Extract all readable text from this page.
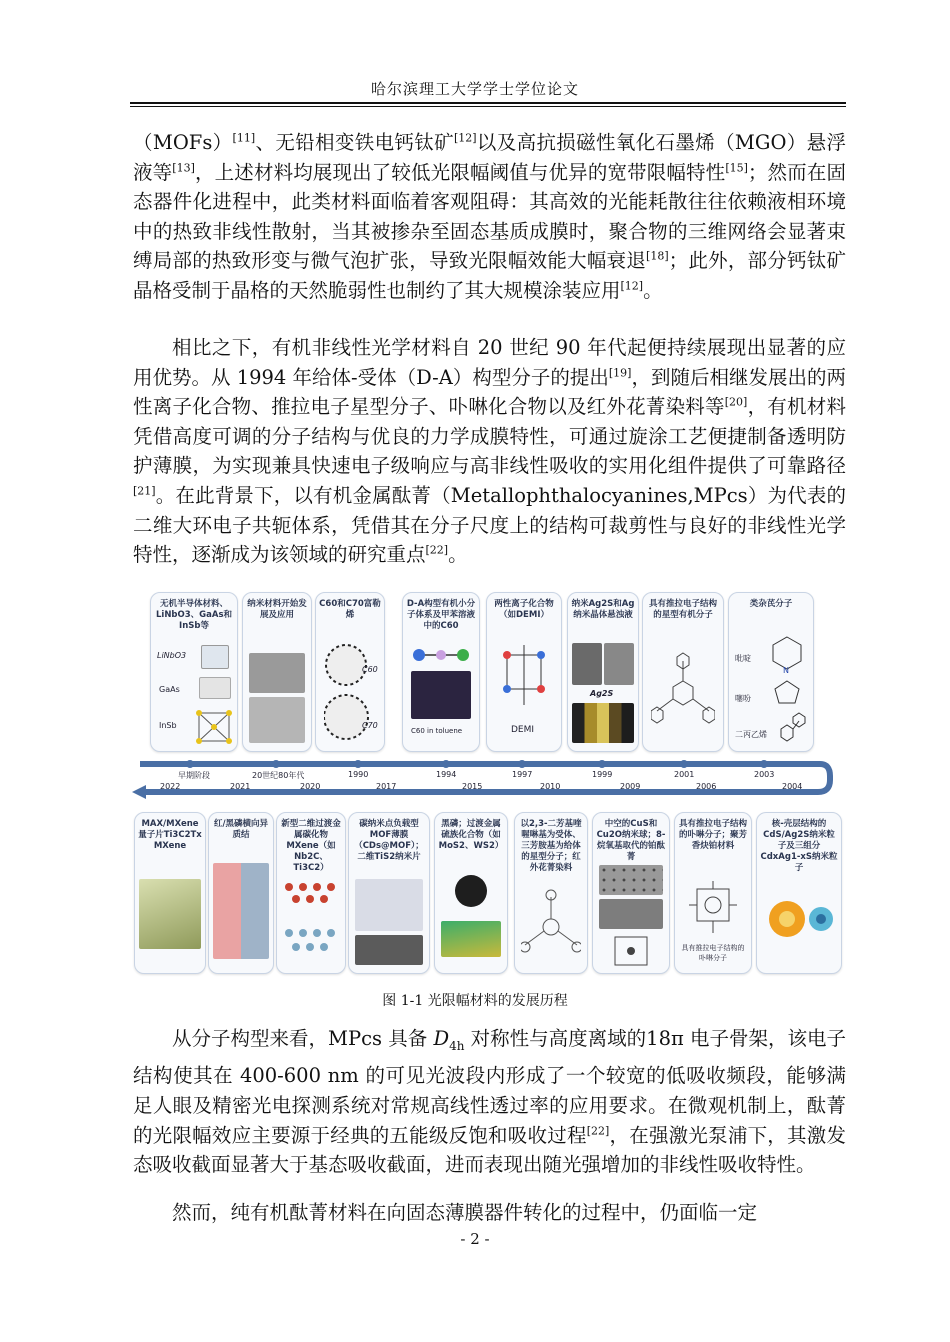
哈尔滨理工大学学士学位论文

（MOFs）[11]、无铅相变铁电钙钛矿[12]以及高抗损磁性氧化石墨烯（MGO）悬浮液等[13]，上述材料均展现出了较低光限幅阈值与优异的宽带限幅特性[15]；然而在固态器件化进程中，此类材料面临着客观阻碍：其高效的光能耗散往往依赖液相环境中的热致非线性散射，当其被掺杂至固态基质成膜时，聚合物的三维网络会显著束缚局部的热致形变与微气泡扩张，导致光限幅效能大幅衰退[18]；此外，部分钙钛矿晶格受制于晶格的天然脆弱性也制约了其大规模涂装应用[12]。

相比之下，有机非线性光学材料自 20 世纪 90 年代起便持续展现出显著的应用优势。从 1994 年给体-受体（D-A）构型分子的提出[19]，到随后相继发展出的两性离子化合物、推拉电子星型分子、卟啉化合物以及红外花菁染料等[20]，有机材料凭借高度可调的分子结构与优良的力学成膜特性，可通过旋涂工艺便捷制备透明防护薄膜，为实现兼具快速电子级响应与高非线性吸收的实用化组件提供了可靠路径[21]。在此背景下，以有机金属酞菁（Metallophthalocyanines,MPcs）为代表的二维大环电子共轭体系，凭借其在分子尺度上的结构可裁剪性与良好的非线性光学特性，逐渐成为该领域的研究重点[22]。

无机半导体材料、LiNbO3、GaAs和InSb等
LiNbO3
GaAs
InSb
纳米材料开始发展及应用
C60和C70富勒烯
C60
C70
D-A构型有机小分子体系及甲苯溶液中的C60
C60 in toluene
两性离子化合物（如DEMI）
DEMI
纳米Ag2S和Ag纳米晶体悬浊液
Ag2S
具有推拉电子结构的星型有机分子
类杂芪分子
吡啶
N
噻吩
二丙乙烯
早期阶段	20世纪80年代	1990	1994	1997	1999	2001	2003
2022	2021	2020	2017	2015	2010	2009	2006	2004
MAX/MXene量子片Ti3C2Tx MXene
红/黑磷横向异质结
新型二维过渡金属碳化物MXene（如Nb2C、Ti3C2）
碳纳米点负载型MOF薄膜（CDs@MOF）；二维TiS2纳米片
黑磷；过渡金属硫族化合物（如MoS2、WS2）
以2,3-二芳基喹喔啉基为受体、三芳胺基为给体的星型分子；红外花菁染料
中空的CuS和Cu2O纳米球；8-烷氧基取代的铂酞菁
具有推拉电子结构的卟啉分子；聚芳香炔铂材料
具有推拉电子结构的卟啉分子
核-壳层结构的CdS/Ag2S纳米粒子及三组分CdxAg1-xS纳米粒子
图 1-1 光限幅材料的发展历程

从分子构型来看，MPcs 具备 $D_{4h}$ 对称性与高度离域的18π 电子骨架，该电子结构使其在 400-600 nm 的可见光波段内形成了一个较宽的低吸收频段，能够满足人眼及精密光电探测系统对常规高线性透过率的应用要求。在微观机制上，酞菁的光限幅效应主要源于经典的五能级反饱和吸收过程[22]，在强激光泵浦下，其激发态吸收截面显著大于基态吸收截面，进而表现出随光强增加的非线性吸收特性。

然而，纯有机酞菁材料在向固态薄膜器件转化的过程中，仍面临一定

- 2 -
